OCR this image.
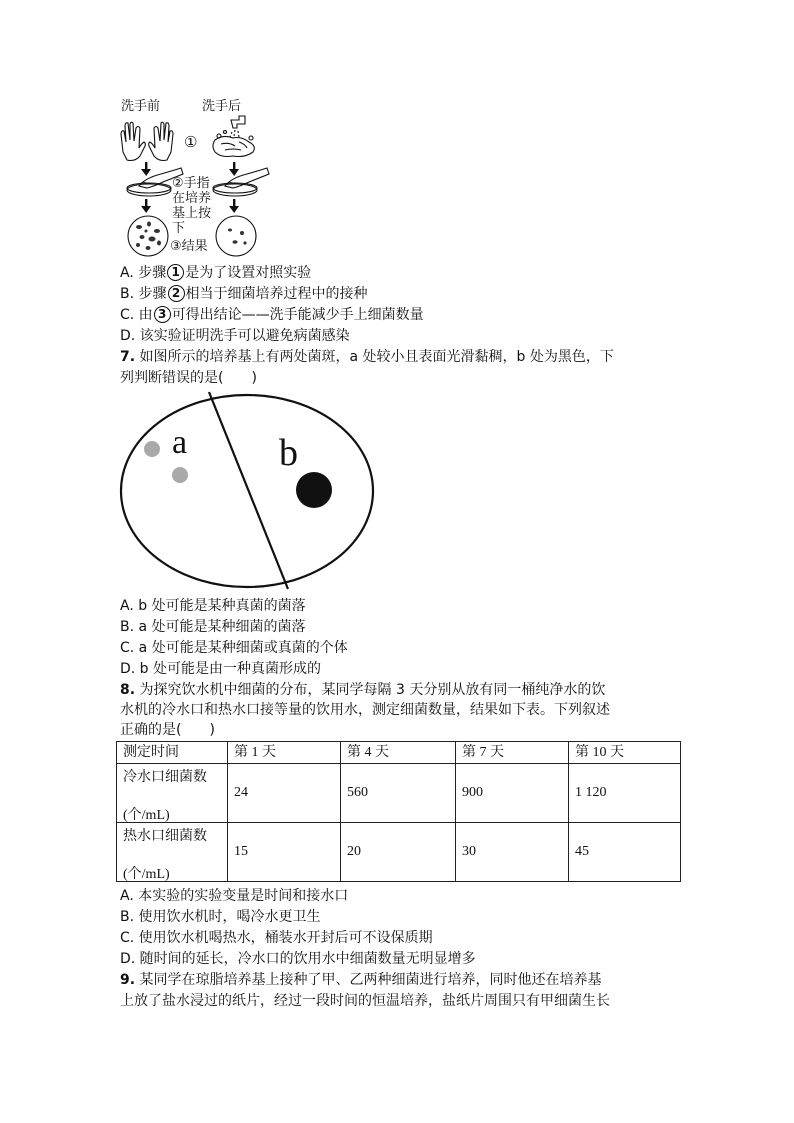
洗手前	洗手后
①
②手指
在培养
基上按
下
③结果
A. 步骤 1 是为了设置对照实验
B. 步骤 2 相当于细菌培养过程中的接种
C. 由 3 可得出结论——洗手能减少手上细菌数量
D. 该实验证明洗手可以避免病菌感染
7. 如图所示的培养基上有两处菌斑，a 处较小且表面光滑黏稠，b 处为黑色，下
列判断错误的是(　　)
a b
A. b 处可能是某种真菌的菌落
B. a 处可能是某种细菌的菌落
C. a 处可能是某种细菌或真菌的个体
D. b 处可能是由一种真菌形成的
8. 为探究饮水机中细菌的分布，某同学每隔 3 天分别从放有同一桶纯净水的饮
水机的冷水口和热水口接等量的饮用水，测定细菌数量，结果如下表。下列叙述
正确的是(　　)
测定时间	第 1 天	第 4 天	第 7 天	第 10 天

冷水口细菌数
(个/mL)	24	560	900	1 120

热水口细菌数
(个/mL)	15	20	30	45
A. 本实验的实验变量是时间和接水口
B. 使用饮水机时，喝冷水更卫生
C. 使用饮水机喝热水，桶装水开封后可不设保质期
D. 随时间的延长，冷水口的饮用水中细菌数量无明显增多
9. 某同学在琼脂培养基上接种了甲、乙两种细菌进行培养，同时他还在培养基
上放了盐水浸过的纸片，经过一段时间的恒温培养，盐纸片周围只有甲细菌生长
